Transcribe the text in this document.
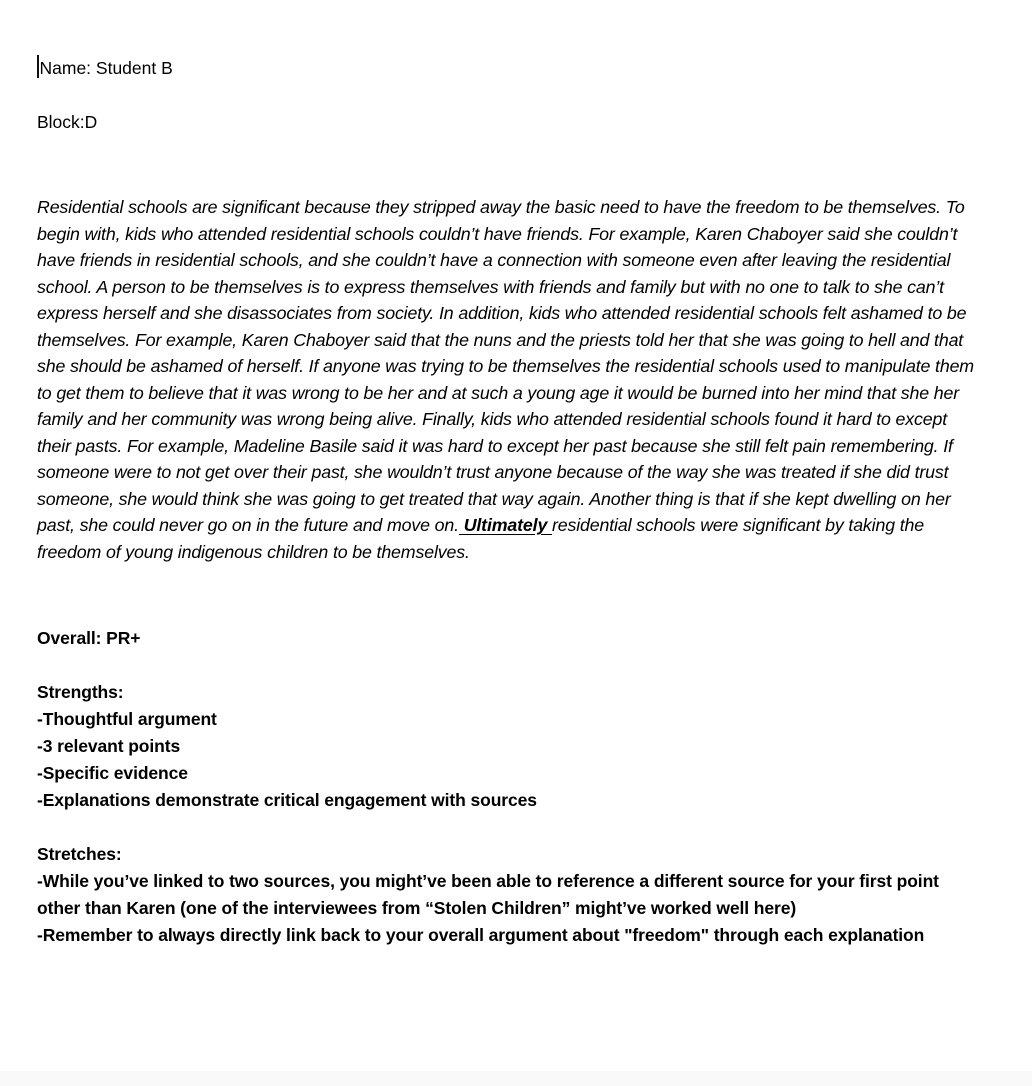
Name: Student B
Block:D

Residential schools are significant because they stripped away the basic need to have the freedom to be themselves. To begin with, kids who attended residential schools couldn’t have friends. For example, Karen Chaboyer said she couldn’t have friends in residential schools, and she couldn’t have a connection with someone even after leaving the residential school. A person to be themselves is to express themselves with friends and family but with no one to talk to she can’t express herself and she disassociates from society. In addition, kids who attended residential schools felt ashamed to be themselves. For example, Karen Chaboyer said that the nuns and the priests told her that she was going to hell and that she should be ashamed of herself. If anyone was trying to be themselves the residential schools used to manipulate them to get them to believe that it was wrong to be her and at such a young age it would be burned into her mind that she her family and her community was wrong being alive. Finally, kids who attended residential schools found it hard to except their pasts. For example, Madeline Basile said it was hard to except her past because she still felt pain remembering. If someone were to not get over their past, she wouldn’t trust anyone because of the way she was treated if she did trust someone, she would think she was going to get treated that way again. Another thing is that if she kept dwelling on her past, she could never go on in the future and move on. Ultimately residential schools were significant by taking the freedom of young indigenous children to be themselves.

Overall: PR+

Strengths:

-Thoughtful argument

-3 relevant points

-Specific evidence

-Explanations demonstrate critical engagement with sources

Stretches:

-While you’ve linked to two sources, you might’ve been able to reference a different source for your first point other than Karen (one of the interviewees from “Stolen Children” might’ve worked well here)

-Remember to always directly link back to your overall argument about "freedom" through each explanation
